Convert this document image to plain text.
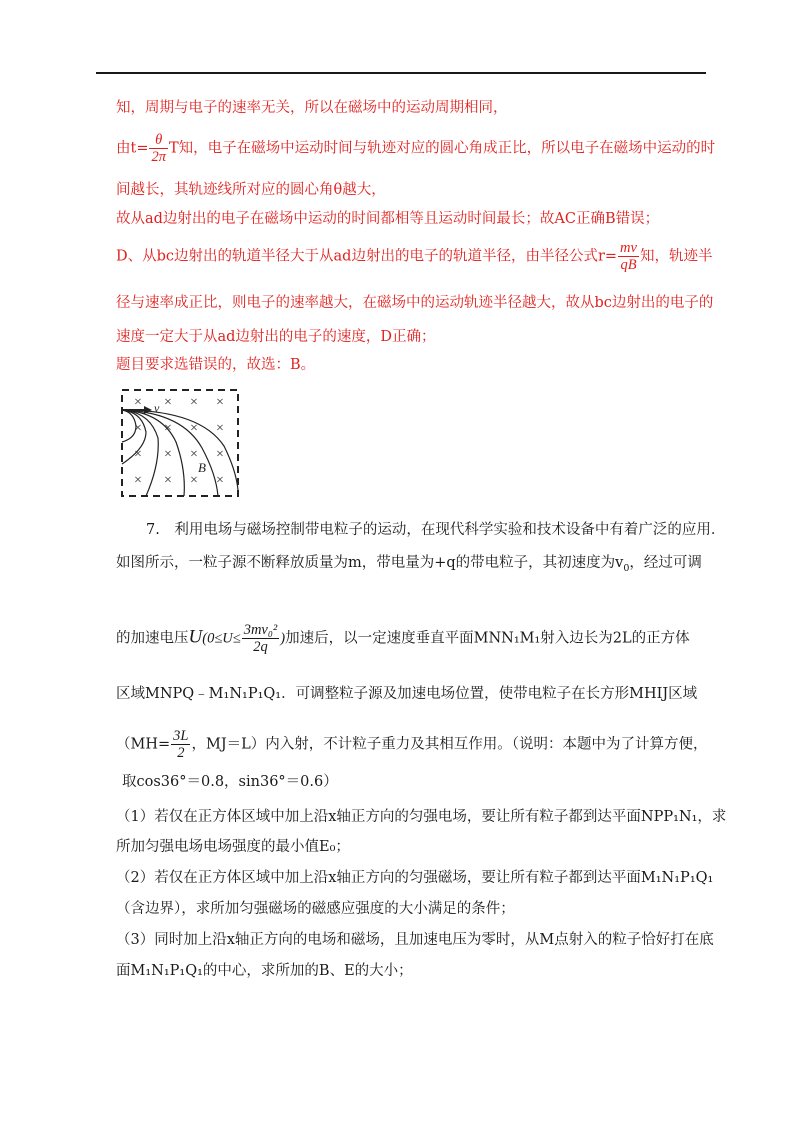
知，周期与电子的速率无关，所以在磁场中的运动周期相同，
由$t= \frac{\theta}{2\pi}$ T知，电子在磁场中运动时间与轨迹对应的圆心角成正比，所以电子在磁场中运动的时
间越长，其轨迹线所对应的圆心角θ越大，
故从ad边射出的电子在磁场中运动的时间都相等且运动时间最长；故AC正确B错误；
D、从bc边射出的轨道半径大于从ad边射出的电子的轨道半径，由半径公式$r= \frac{mv}{qB}$ 知，轨迹半
径与速率成正比，则电子的速率越大，在磁场中的运动轨迹半径越大，故从bc边射出的电子的
速度一定大于从ad边射出的电子的速度，D正确；
题目要求选错误的，故选：B。
× × × ×
× × × ×
× × × ×
× × × ×
v
B
7.　利用电场与磁场控制带电粒子的运动，在现代科学实验和技术设备中有着广泛的应用．
如图所示，一粒子源不断释放质量为m，带电量为+q的带电粒子，其初速度为$v_0$，经过可调
的加速电压$U(0\le U\le \frac{\text{3mv₀²}}{2q}$ )加速后，以一定速度垂直平面MNN₁M₁射入边长为2L的正方体
区域MNPQ﹣M₁N₁P₁Q₁．可调整粒子源及加速电场位置，使带电粒子在长方形MHIJ区域
（$MH= \frac{3L}{2}$ ，MJ＝L）内入射，不计粒子重力及其相互作用。（说明：本题中为了计算方便，
取cos36°＝0.8，sin36°＝0.6）
（1）若仅在正方体区域中加上沿x轴正方向的匀强电场，要让所有粒子都到达平面NPP₁N₁，求
所加匀强电场电场强度的最小值E₀；
（2）若仅在正方体区域中加上沿x轴正方向的匀强磁场，要让所有粒子都到达平面M₁N₁P₁Q₁
（含边界），求所加匀强磁场的磁感应强度的大小满足的条件；
（3）同时加上沿x轴正方向的电场和磁场，且加速电压为零时，从M点射入的粒子恰好打在底
面M₁N₁P₁Q₁的中心，求所加的B、E的大小；
